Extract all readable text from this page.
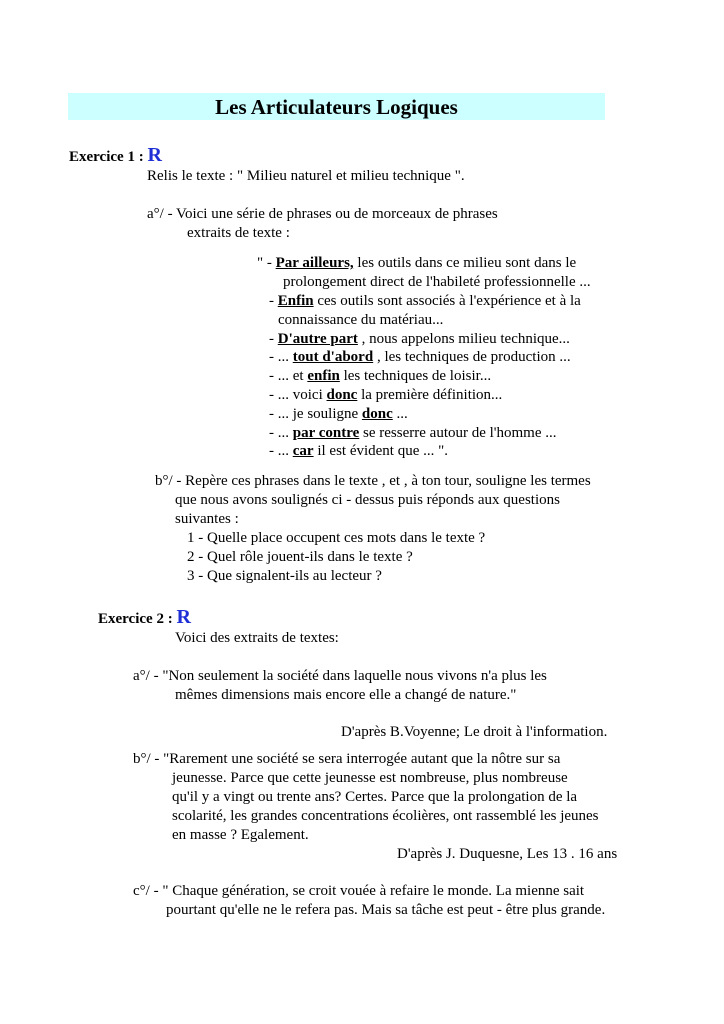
Les Articulateurs Logiques
Exercice 1 : R
Relis le texte : " Milieu naturel et milieu technique ".
a°/ - Voici une série de phrases ou de morceaux de phrases
extraits de texte :
" - Par ailleurs, les outils dans ce milieu sont dans le
prolongement direct de l'habileté professionnelle ...
- Enfin ces outils sont associés à l'expérience et à la
connaissance du matériau...
- D'autre part , nous appelons milieu technique...
- ... tout d'abord , les techniques de production ...
- ... et enfin les techniques de loisir...
- ... voici donc la première définition...
- ... je souligne donc ...
- ... par contre se resserre autour de l'homme ...
- ... car il est évident que ... ".
b°/ - Repère ces phrases dans le texte , et , à ton tour, souligne les termes
que nous avons soulignés ci - dessus puis réponds aux questions
suivantes :
1 - Quelle place occupent ces mots dans le texte ?
2 - Quel rôle jouent-ils dans le texte ?
3 - Que signalent-ils au lecteur ?
Exercice 2 : R
Voici des extraits de textes:
a°/ - "Non seulement la société dans laquelle nous vivons n'a plus les
mêmes dimensions mais encore elle a changé de nature."
D'après B.Voyenne; Le droit à l'information.
b°/ - "Rarement une société se sera interrogée autant que la nôtre sur sa
jeunesse. Parce que cette jeunesse est nombreuse, plus nombreuse
qu'il y a vingt ou trente ans? Certes. Parce que la prolongation de la
scolarité, les grandes concentrations écolières, ont rassemblé les jeunes
en masse ? Egalement.
D'après J. Duquesne, Les 13 . 16 ans
c°/ - " Chaque génération, se croit vouée à refaire le monde. La mienne sait
pourtant qu'elle ne le refera pas. Mais sa tâche est peut - être plus grande.
